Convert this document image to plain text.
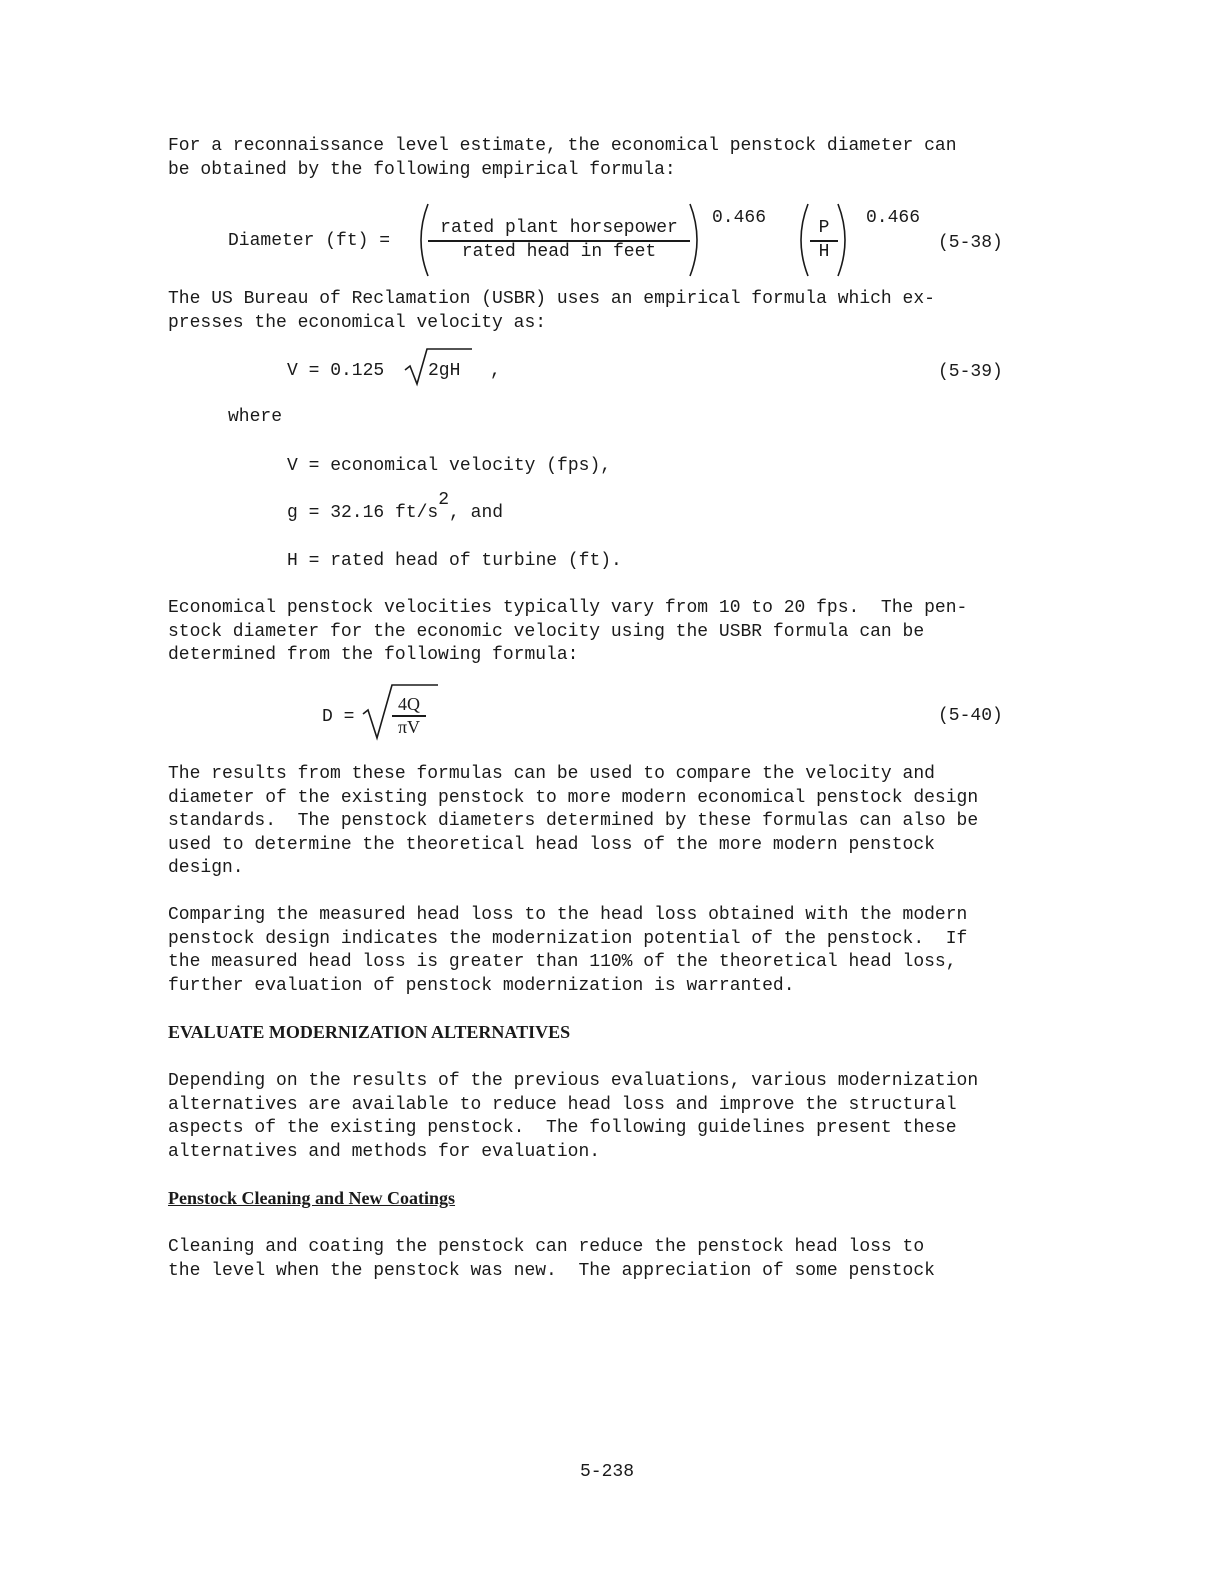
For a reconnaissance level estimate, the economical penstock diameter can
be obtained by the following empirical formula:

Diameter (ft) =
rated plant horsepower
rated head in feet
0.466	P
H
0.466
(5-38)

The US Bureau of Reclamation (USBR) uses an empirical formula which ex-
presses the economical velocity as:

V = 0.125 2gH ,	(5-39)
where
V = economical velocity (fps),
g = 32.16 ft/s2, and
H = rated head of turbine (ft).

Economical penstock velocities typically vary from 10 to 20 fps.  The pen-
stock diameter for the economic velocity using the USBR formula can be
determined from the following formula:

D =
4Q
πV
(5-40)

The results from these formulas can be used to compare the velocity and
diameter of the existing penstock to more modern economical penstock design
standards.  The penstock diameters determined by these formulas can also be
used to determine the theoretical head loss of the more modern penstock
design.

Comparing the measured head loss to the head loss obtained with the modern
penstock design indicates the modernization potential of the penstock.  If
the measured head loss is greater than 110% of the theoretical head loss,
further evaluation of penstock modernization is warranted.

EVALUATE MODERNIZATION ALTERNATIVES

Depending on the results of the previous evaluations, various modernization
alternatives are available to reduce head loss and improve the structural
aspects of the existing penstock.  The following guidelines present these
alternatives and methods for evaluation.

Penstock Cleaning and New Coatings

Cleaning and coating the penstock can reduce the penstock head loss to
the level when the penstock was new.  The appreciation of some penstock

5-238
